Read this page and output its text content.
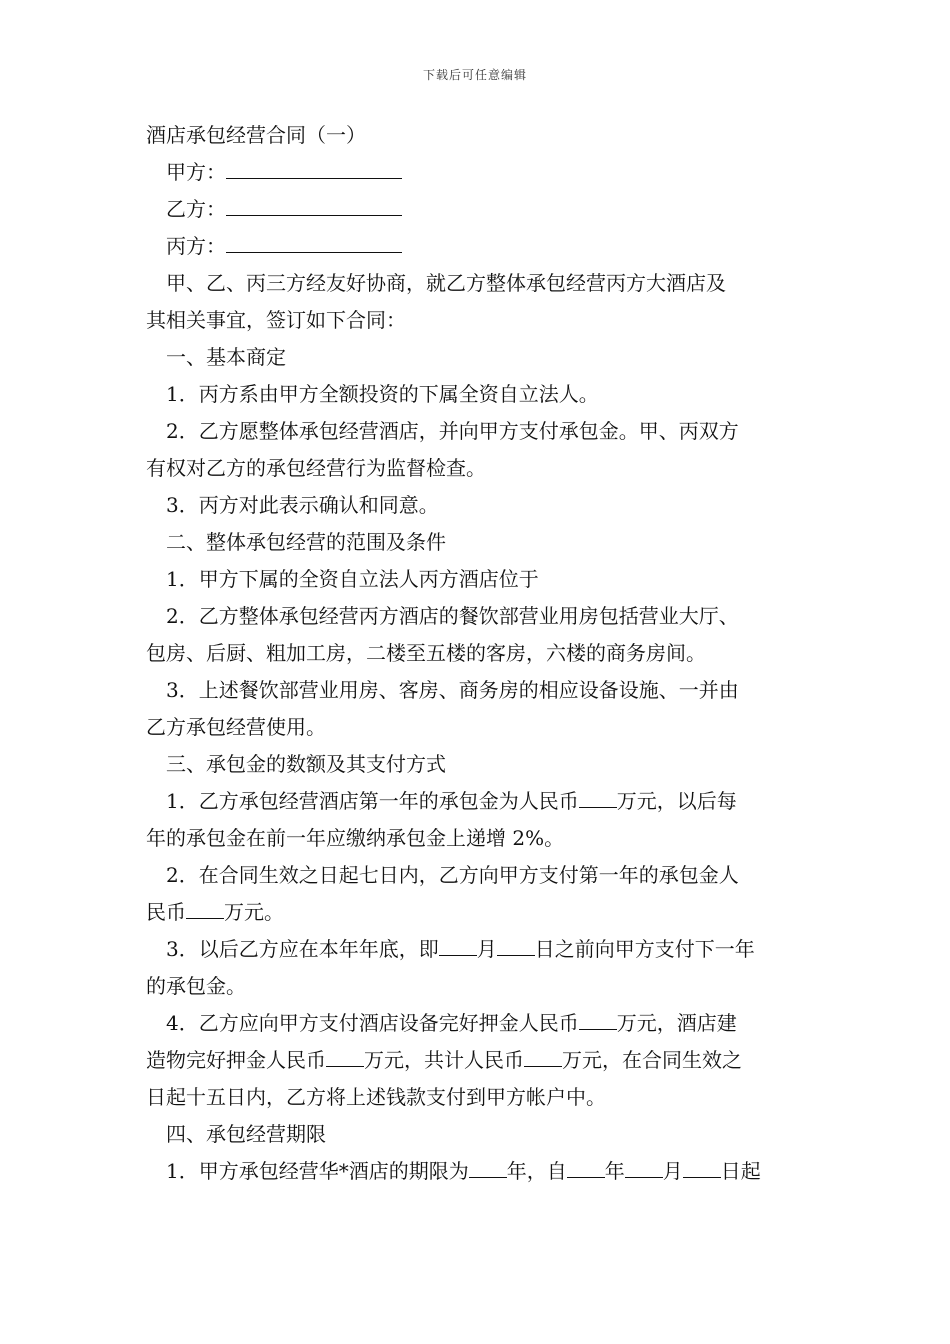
下载后可任意编辑
酒店承包经营合同（一）
甲方：
乙方：
丙方：
甲、乙、丙三方经友好协商，就乙方整体承包经营丙方大酒店及
其相关事宜，签订如下合同：
一、基本商定
1．丙方系由甲方全额投资的下属全资自立法人。
2．乙方愿整体承包经营酒店，并向甲方支付承包金。甲、丙双方
有权对乙方的承包经营行为监督检查。
3．丙方对此表示确认和同意。
二、整体承包经营的范围及条件
1．甲方下属的全资自立法人丙方酒店位于
2．乙方整体承包经营丙方酒店的餐饮部营业用房包括营业大厅、
包房、后厨、粗加工房，二楼至五楼的客房，六楼的商务房间。
3．上述餐饮部营业用房、客房、商务房的相应设备设施、一并由
乙方承包经营使用。
三、承包金的数额及其支付方式
1．乙方承包经营酒店第一年的承包金为人民币 万元，以后每
年的承包金在前一年应缴纳承包金上递增 2%。
2．在合同生效之日起七日内，乙方向甲方支付第一年的承包金人
民币 万元。
3．以后乙方应在本年年底，即 月 日之前向甲方支付下一年
的承包金。
4．乙方应向甲方支付酒店设备完好押金人民币 万元，酒店建
造物完好押金人民币 万元，共计人民币 万元，在合同生效之
日起十五日内，乙方将上述钱款支付到甲方帐户中。
四、承包经营期限
1．甲方承包经营华*酒店的期限为 年，自 年 月 日起
